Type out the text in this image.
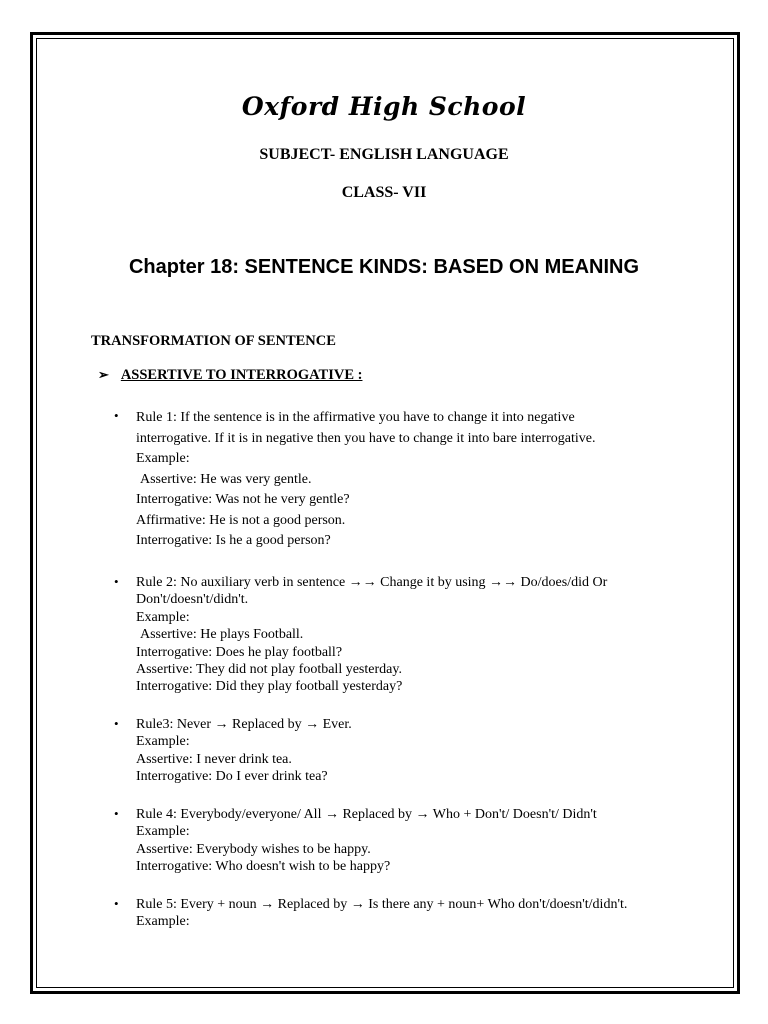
Oxford High School
SUBJECT- ENGLISH LANGUAGE
CLASS- VII
Chapter 18: SENTENCE KINDS: BASED ON MEANING
TRANSFORMATION OF SENTENCE
➢ ASSERTIVE TO INTERROGATIVE :
• Rule 1: If the sentence is in the affirmative you have to change it into negative
interrogative. If it is in negative then you have to change it into bare interrogative.
Example:
Assertive: He was very gentle.
Interrogative: Was not he very gentle?
Affirmative: He is not a good person.
Interrogative: Is he a good person?
• Rule 2: No auxiliary verb in sentence →→ Change it by using →→ Do/does/did Or
Don't/doesn't/didn't.
Example:
Assertive: He plays Football.
Interrogative: Does he play football?
Assertive: They did not play football yesterday.
Interrogative: Did they play football yesterday?
• Rule3: Never → Replaced by → Ever.
Example:
Assertive: I never drink tea.
Interrogative: Do I ever drink tea?
• Rule 4: Everybody/everyone/ All → Replaced by → Who + Don't/ Doesn't/ Didn't
Example:
Assertive: Everybody wishes to be happy.
Interrogative: Who doesn't wish to be happy?
• Rule 5: Every + noun → Replaced by → Is there any + noun+ Who don't/doesn't/didn't.
Example:
